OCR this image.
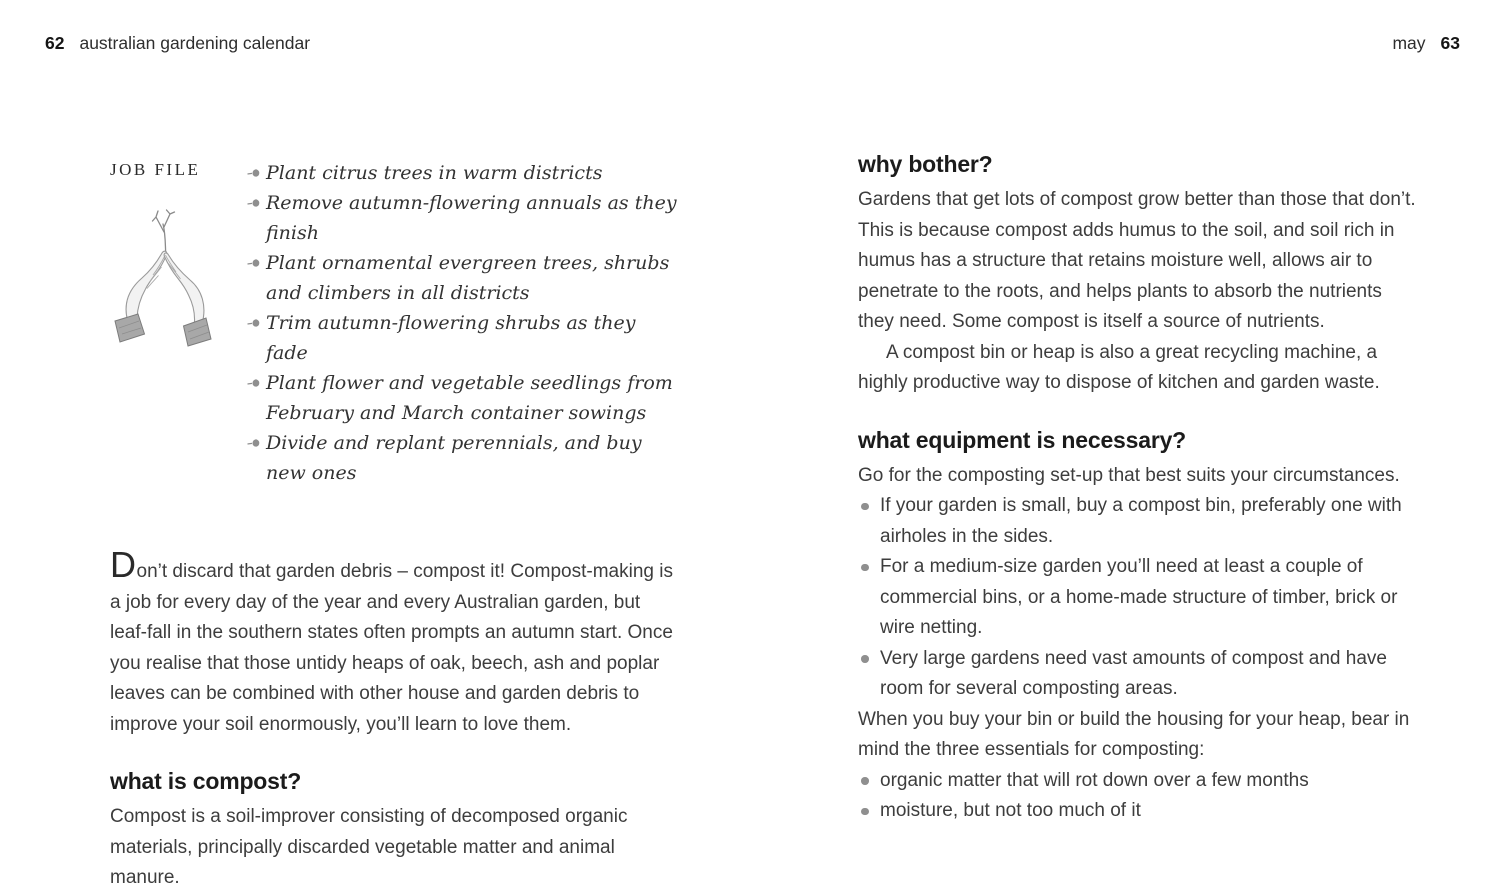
62 australian gardening calendar	may 63
JOB FILE	Plant citrus trees in warm districts
Remove autumn-flowering annuals as they finish
Plant ornamental evergreen trees, shrubs and climbers in all districts
Trim autumn-flowering shrubs as they fade
Plant flower and vegetable seedlings from February and March container sowings
Divide and replant perennials, and buy new ones

Don’t discard that garden debris – compost it! Compost-making is a job for every day of the year and every Australian garden, but leaf-fall in the southern states often prompts an autumn start. Once you realise that those untidy heaps of oak, beech, ash and poplar leaves can be combined with other house and garden debris to improve your soil enormously, you’ll learn to love them.

what is compost?

Compost is a soil-improver consisting of decomposed organic materials, principally discarded vegetable matter and animal manure.

why bother?

Gardens that get lots of compost grow better than those that don’t. This is because compost adds humus to the soil, and soil rich in humus has a structure that retains moisture well, allows air to penetrate to the roots, and helps plants to absorb the nutrients they need. Some compost is itself a source of nutrients.

A compost bin or heap is also a great recycling machine, a highly productive way to dispose of kitchen and garden waste.

what equipment is necessary?

Go for the composting set-up that best suits your circumstances.

If your garden is small, buy a compost bin, preferably one with airholes in the sides.
For a medium-size garden you’ll need at least a couple of commercial bins, or a home-made structure of timber, brick or wire netting.
Very large gardens need vast amounts of compost and have room for several composting areas.

When you buy your bin or build the housing for your heap, bear in mind the three essentials for composting:

organic matter that will rot down over a few months
moisture, but not too much of it
